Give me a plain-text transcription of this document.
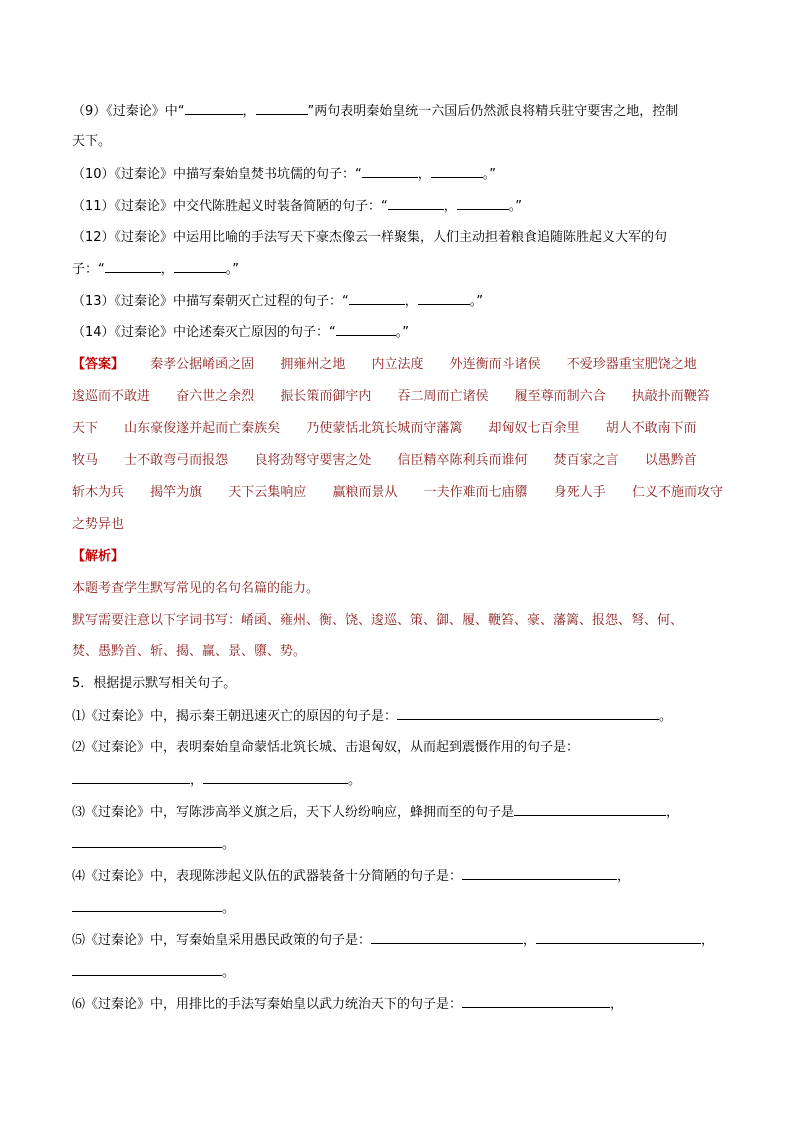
（9）《过秦论》中“	，	”两句表明秦始皇统一六国后仍然派良将精兵驻守要害之地，控制
天下。
（10）《过秦论》中描写秦始皇焚书坑儒的句子：“	，	。”
（11）《过秦论》中交代陈胜起义时装备简陋的句子：“	，	。”
（12）《过秦论》中运用比喻的手法写天下豪杰像云一样聚集，人们主动担着粮食追随陈胜起义大军的句
子：“	，	。”
（13）《过秦论》中描写秦朝灭亡过程的句子：“	，	。”
（14）《过秦论》中论述秦灭亡原因的句子：“	。”
【答案】 秦孝公据崤函之固 拥雍州之地 内立法度 外连衡而斗诸侯 不爱珍器重宝肥饶之地
逡巡而不敢进 奋六世之余烈 振长策而御宇内 吞二周而亡诸侯 履至尊而制六合 执敲扑而鞭笞
天下 山东豪俊遂并起而亡秦族矣 乃使蒙恬北筑长城而守藩篱 却匈奴七百余里 胡人不敢南下而
牧马 士不敢弯弓而报怨 良将劲弩守要害之处 信臣精卒陈利兵而谁何 焚百家之言 以愚黔首
斩木为兵 揭竿为旗 天下云集响应 赢粮而景从 一夫作难而七庙隳 身死人手 仁义不施而攻守
之势异也
【解析】
本题考查学生默写常见的名句名篇的能力。
默写需要注意以下字词书写：崤函、雍州、衡、饶、逡巡、策、御、履、鞭笞、豪、藩篱、报怨、弩、何、
焚、愚黔首、斩、揭、赢、景、隳、势。
5．根据提示默写相关句子。
⑴《过秦论》中，揭示秦王朝迅速灭亡的原因的句子是：	。
⑵《过秦论》中，表明秦始皇命蒙恬北筑长城、击退匈奴，从而起到震慑作用的句子是：
，	。
⑶《过秦论》中，写陈涉高举义旗之后，天下人纷纷响应，蜂拥而至的句子是	，
。
⑷《过秦论》中，表现陈涉起义队伍的武器装备十分简陋的句子是：	，
。
⑸《过秦论》中，写秦始皇采用愚民政策的句子是：	，	，
。
⑹《过秦论》中，用排比的手法写秦始皇以武力统治天下的句子是：	，
